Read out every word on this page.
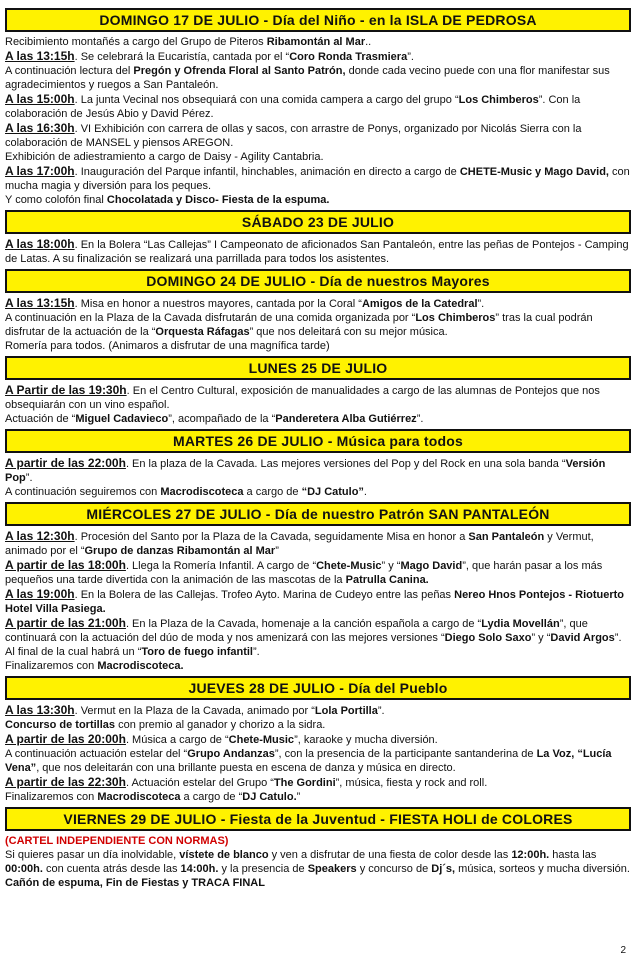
DOMINGO 17 DE JULIO - Día del Niño - en la ISLA DE PEDROSA

Recibimiento montañés a cargo del Grupo de Piteros Ribamontán al Mar..

A las 13:15h. Se celebrará la Eucaristía, cantada por el “Coro Ronda Trasmiera”.

A continuación lectura del Pregón y Ofrenda Floral al Santo Patrón, donde cada vecino puede con una flor manifestar sus agradecimientos y ruegos a San Pantaleón.

A las 15:00h. La junta Vecinal nos obsequiará con una comida campera a cargo del grupo “Los Chimberos”. Con la colaboración de Jesús Abio y David Pérez.

A las 16:30h. VI Exhibición con carrera de ollas y sacos, con arrastre de Ponys, organizado por Nicolás Sierra con la colaboración de MANSEL y piensos AREGON.

Exhibición de adiestramiento a cargo de Daisy - Agility Cantabria.

A las 17:00h. Inauguración del Parque infantil, hinchables, animación en directo a cargo de CHETE-Music y Mago David, con mucha magia y diversión para los peques.

Y como colofón final Chocolatada y Disco- Fiesta de la espuma.

SÁBADO 23 DE JULIO

A las 18:00h. En la Bolera “Las Callejas” I Campeonato de aficionados San Pantaleón, entre las peñas de Pontejos - Camping de Latas. A su finalización se realizará una parrillada para todos los asistentes.

DOMINGO 24 DE JULIO - Día de nuestros Mayores

A las 13:15h. Misa en honor a nuestros mayores, cantada por la Coral “Amigos de la Catedral”.

A continuación en la Plaza de la Cavada disfrutarán de una comida organizada por “Los Chimberos” tras la cual podrán disfrutar de la actuación de la “Orquesta Ráfagas” que nos deleitará con su mejor música.

Romería para todos. (Animaros a disfrutar de una magnífica tarde)

LUNES 25 DE JULIO

A Partir de las 19:30h. En el Centro Cultural, exposición de manualidades a cargo de las alumnas de Pontejos que nos obsequiarán con un vino español.

Actuación de “Miguel Cadavieco”, acompañado de la “Panderetera Alba Gutiérrez”.

MARTES 26 DE JULIO - Música para todos

A partir de las 22:00h. En la plaza de la Cavada. Las mejores versiones del Pop y del Rock en una sola banda “Versión Pop”.

A continuación seguiremos con Macrodiscoteca a cargo de “DJ Catulo”.

MIÉRCOLES 27 DE JULIO - Día de nuestro Patrón SAN PANTALEÓN

A las 12:30h. Procesión del Santo por la Plaza de la Cavada, seguidamente Misa en honor a San Pantaleón y Vermut, animado por el “Grupo de danzas Ribamontán al Mar”

A partir de las 18:00h. Llega la Romería Infantil. A cargo de “Chete-Music” y “Mago David”, que harán pasar a los más pequeños una tarde divertida con la animación de las mascotas de la Patrulla Canina.

A las 19:00h. En la Bolera de las Callejas. Trofeo Ayto. Marina de Cudeyo entre las peñas Nereo Hnos Pontejos - Riotuerto Hotel Villa Pasiega.

A partir de las 21:00h. En la Plaza de la Cavada, homenaje a la canción española a cargo de “Lydia Movellán”, que continuará con la actuación del dúo de moda y nos amenizará con las mejores versiones “Diego Solo Saxo” y “David Argos”.

Al final de la cual habrá un “Toro de fuego infantil”.

Finalizaremos con Macrodiscoteca.

JUEVES 28 DE JULIO - Día del Pueblo

A las 13:30h. Vermut en la Plaza de la Cavada, animado por “Lola Portilla”.

Concurso de tortillas con premio al ganador y chorizo a la sidra.

A partir de las 20:00h. Música a cargo de “Chete-Music”, karaoke y mucha diversión.

A continuación actuación estelar del “Grupo Andanzas”, con la presencia de la participante santanderina de La Voz, “Lucía Vena”, que nos deleitarán con una brillante puesta en escena de danza y música en directo.

A partir de las 22:30h. Actuación estelar del Grupo “The Gordini”, música, fiesta y rock and roll.

Finalizaremos con Macrodiscoteca a cargo de “DJ Catulo.”

VIERNES 29 DE JULIO - Fiesta de la Juventud - FIESTA HOLI de COLORES

(CARTEL INDEPENDIENTE CON NORMAS)

Si quieres pasar un día inolvidable, vístete de blanco y ven a disfrutar de una fiesta de color desde las 12:00h. hasta las 00:00h. con cuenta atrás desde las 14:00h. y la presencia de Speakers y concurso de Dj´s, música, sorteos y mucha diversión.

Cañón de espuma, Fin de Fiestas y TRACA FINAL

2
